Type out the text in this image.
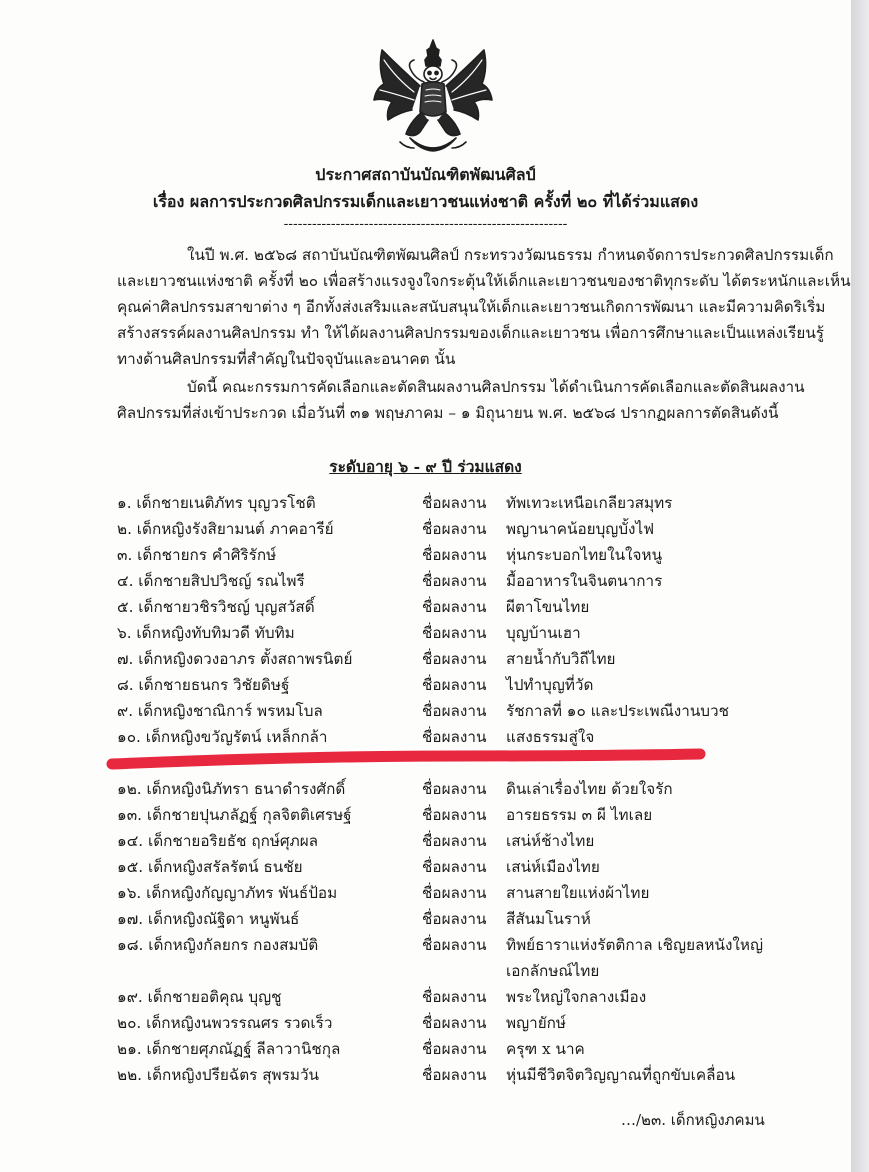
ประกาศสถาบันบัณฑิตพัฒนศิลป์
เรื่อง ผลการประกวดศิลปกรรมเด็กและเยาวชนแห่งชาติ ครั้งที่ ๒๐ ที่ได้ร่วมแสดง
------------------------------------------------------------
ในปี พ.ศ. ๒๕๖๘ สถาบันบัณฑิตพัฒนศิลป์ กระทรวงวัฒนธรรม กำหนดจัดการประกวดศิลปกรรมเด็ก
และเยาวชนแห่งชาติ ครั้งที่ ๒๐ เพื่อสร้างแรงจูงใจกระตุ้นให้เด็กและเยาวชนของชาติทุกระดับ ได้ตระหนักและเห็น
คุณค่าศิลปกรรมสาขาต่าง ๆ อีกทั้งส่งเสริมและสนับสนุนให้เด็กและเยาวชนเกิดการพัฒนา และมีความคิดริเริ่ม
สร้างสรรค์ผลงานศิลปกรรม ทำ ให้ได้ผลงานศิลปกรรมของเด็กและเยาวชน เพื่อการศึกษาและเป็นแหล่งเรียนรู้
ทางด้านศิลปกรรมที่สำคัญในปัจจุบันและอนาคต นั้น
บัดนี้ คณะกรรมการคัดเลือกและตัดสินผลงานศิลปกรรม ได้ดำเนินการคัดเลือกและตัดสินผลงาน
ศิลปกรรมที่ส่งเข้าประกวด เมื่อวันที่ ๓๑ พฤษภาคม – ๑ มิถุนายน พ.ศ. ๒๕๖๘ ปรากฏผลการตัดสินดังนี้
ระดับอายุ ๖ - ๙ ปี ร่วมแสดง
๑. เด็กชายเนติภัทร บุญวรโชติ	ชื่อผลงาน ทัพเทวะเหนือเกลียวสมุทร
๒. เด็กหญิงรังสิยามนต์ ภาคอารีย์	ชื่อผลงาน พญานาคน้อยบุญบั้งไฟ
๓. เด็กชายกร คำศิริรักษ์	ชื่อผลงาน หุ่นกระบอกไทยในใจหนู
๔. เด็กชายสิปปวิชญ์ รณไพรี	ชื่อผลงาน มื้ออาหารในจินตนาการ
๕. เด็กชายวชิรวิชญ์ บุญสวัสดิ์	ชื่อผลงาน ผีตาโขนไทย
๖. เด็กหญิงทับทิมวดี ทับทิม	ชื่อผลงาน บุญบ้านเฮา
๗. เด็กหญิงดวงอาภร ตั้งสถาพรนิตย์	ชื่อผลงาน สายน้ำกับวิถีไทย
๘. เด็กชายธนกร วิชัยดิษฐ์	ชื่อผลงาน ไปทำบุญที่วัด
๙. เด็กหญิงชาณิการ์ พรหมโบล	ชื่อผลงาน รัชกาลที่ ๑๐ และประเพณีงานบวช
๑๐. เด็กหญิงขวัญรัตน์ เหล็กกล้า	ชื่อผลงาน แสงธรรมสู่ใจ
๑๒. เด็กหญิงนิภัทรา ธนาดำรงศักดิ์	ชื่อผลงาน ดินเล่าเรื่องไทย ด้วยใจรัก
๑๓. เด็กชายปุนภลัฏฐ์ กุลจิตติเศรษฐ์	ชื่อผลงาน อารยธรรม ๓ ผี ไทเลย
๑๔. เด็กชายอริยธัช ฤกษ์ศุภผล	ชื่อผลงาน เสน่ห์ช้างไทย
๑๕. เด็กหญิงสรัลรัตน์ ธนชัย	ชื่อผลงาน เสน่ห์เมืองไทย
๑๖. เด็กหญิงกัญญาภัทร พันธ์ป้อม	ชื่อผลงาน สานสายใยแห่งผ้าไทย
๑๗. เด็กหญิงณัฐิดา หนูพันธ์	ชื่อผลงาน สีสันมโนราห์
๑๘. เด็กหญิงกัลยกร กองสมบัติ	ชื่อผลงาน ทิพย์ธาราแห่งรัตติกาล เชิญยลหนังใหญ่
เอกลักษณ์ไทย
๑๙. เด็กชายอติคุณ บุญชู	ชื่อผลงาน พระใหญ่ใจกลางเมือง
๒๐. เด็กหญิงนพวรรณศร รวดเร็ว	ชื่อผลงาน พญายักษ์
๒๑. เด็กชายศุภณัฏฐ์ ลีลาวานิชกุล	ชื่อผลงาน ครุฑ x นาค
๒๒. เด็กหญิงปรียฉัตร สุพรมวัน	ชื่อผลงาน หุ่นมีชีวิตจิตวิญญาณที่ถูกขับเคลื่อน
…/๒๓. เด็กหญิงภคมน
